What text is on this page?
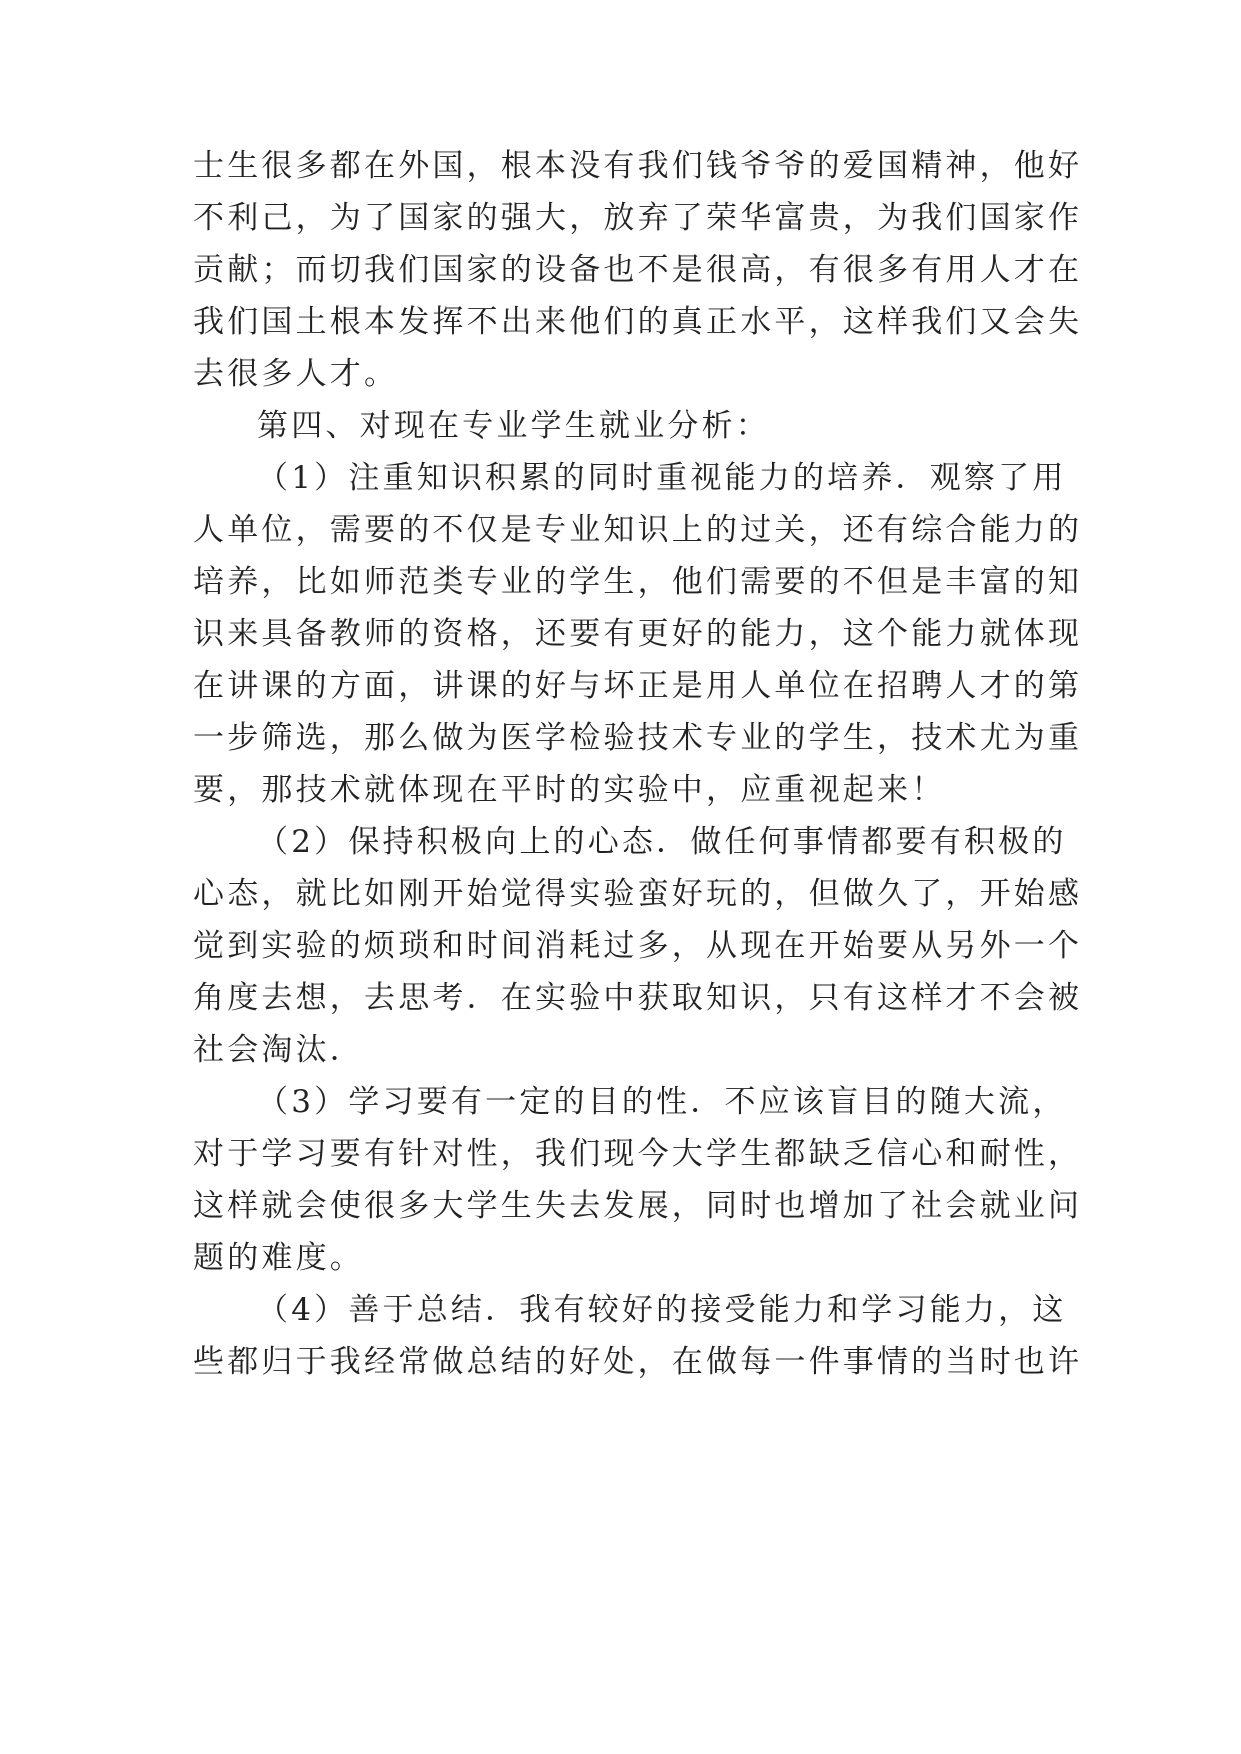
士生很多都在外国，根本没有我们钱爷爷的爱国精神，他好
不利己，为了国家的强大，放弃了荣华富贵，为我们国家作
贡献；而切我们国家的设备也不是很高，有很多有用人才在
我们国土根本发挥不出来他们的真正水平，这样我们又会失
去很多人才。
第四、对现在专业学生就业分析：
（1）注重知识积累的同时重视能力的培养．观察了用
人单位，需要的不仅是专业知识上的过关，还有综合能力的
培养，比如师范类专业的学生，他们需要的不但是丰富的知
识来具备教师的资格，还要有更好的能力，这个能力就体现
在讲课的方面，讲课的好与坏正是用人单位在招聘人才的第
一步筛选，那么做为医学检验技术专业的学生，技术尤为重
要，那技术就体现在平时的实验中，应重视起来！
（2）保持积极向上的心态．做任何事情都要有积极的
心态，就比如刚开始觉得实验蛮好玩的，但做久了，开始感
觉到实验的烦琐和时间消耗过多，从现在开始要从另外一个
角度去想，去思考．在实验中获取知识，只有这样才不会被
社会淘汰．
（3）学习要有一定的目的性．不应该盲目的随大流，
对于学习要有针对性，我们现今大学生都缺乏信心和耐性，
这样就会使很多大学生失去发展，同时也增加了社会就业问
题的难度。
（4）善于总结．我有较好的接受能力和学习能力，这
些都归于我经常做总结的好处，在做每一件事情的当时也许
